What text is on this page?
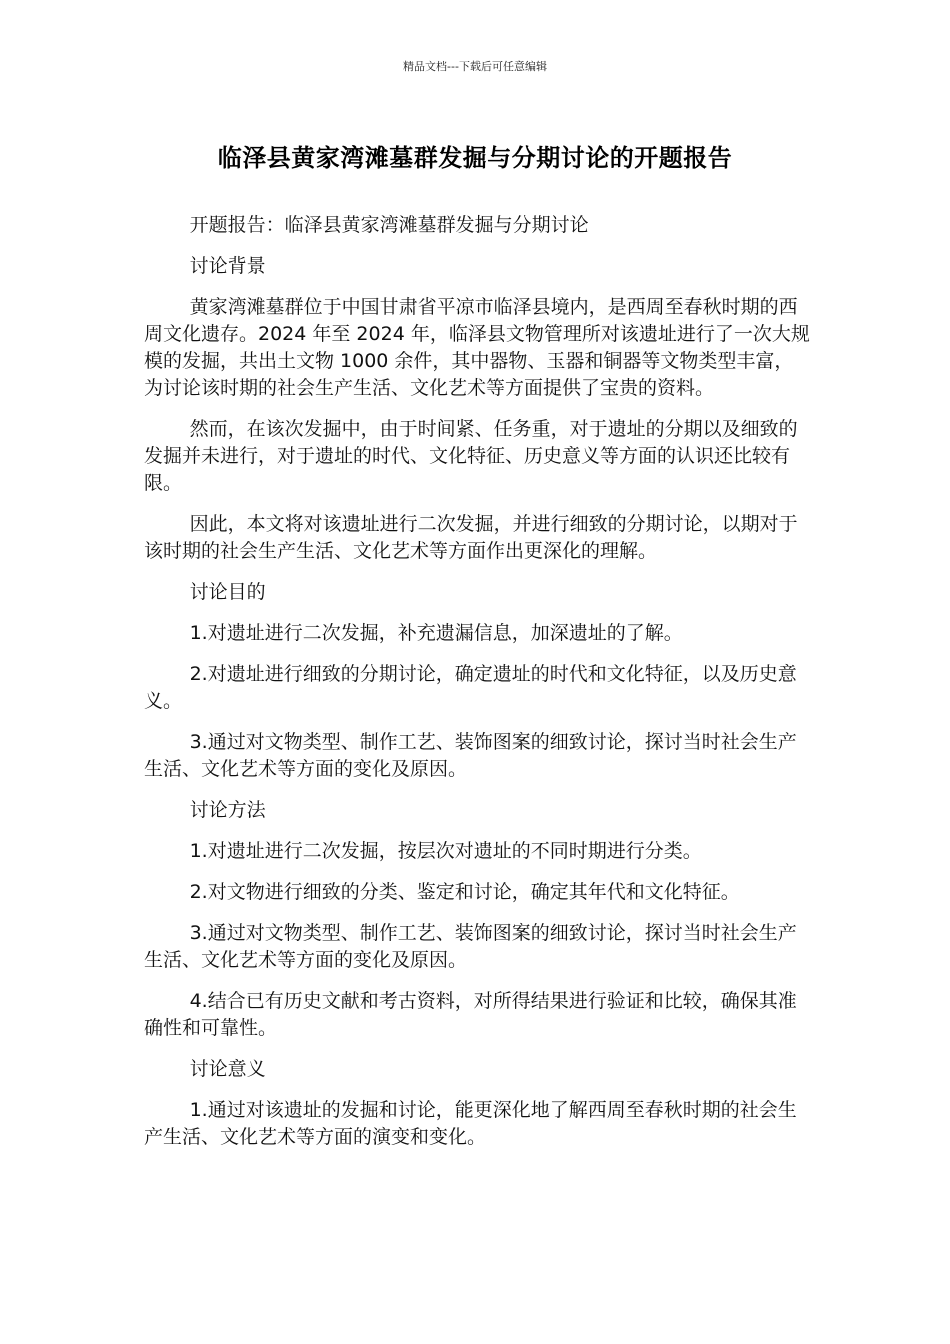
精品文档---下载后可任意编辑
临泽县黄家湾滩墓群发掘与分期讨论的开题报告

开题报告：临泽县黄家湾滩墓群发掘与分期讨论

讨论背景

黄家湾滩墓群位于中国甘肃省平凉市临泽县境内，是西周至春秋时期的西周文化遗存。2024 年至 2024 年，临泽县文物管理所对该遗址进行了一次大规模的发掘，共出土文物 1000 余件，其中器物、玉器和铜器等文物类型丰富，为讨论该时期的社会生产生活、文化艺术等方面提供了宝贵的资料。

然而，在该次发掘中，由于时间紧、任务重，对于遗址的分期以及细致的发掘并未进行，对于遗址的时代、文化特征、历史意义等方面的认识还比较有限。

因此，本文将对该遗址进行二次发掘，并进行细致的分期讨论，以期对于该时期的社会生产生活、文化艺术等方面作出更深化的理解。

讨论目的

1.对遗址进行二次发掘，补充遗漏信息，加深遗址的了解。

2.对遗址进行细致的分期讨论，确定遗址的时代和文化特征，以及历史意义。

3.通过对文物类型、制作工艺、装饰图案的细致讨论，探讨当时社会生产生活、文化艺术等方面的变化及原因。

讨论方法

1.对遗址进行二次发掘，按层次对遗址的不同时期进行分类。

2.对文物进行细致的分类、鉴定和讨论，确定其年代和文化特征。

3.通过对文物类型、制作工艺、装饰图案的细致讨论，探讨当时社会生产生活、文化艺术等方面的变化及原因。

4.结合已有历史文献和考古资料，对所得结果进行验证和比较，确保其准确性和可靠性。

讨论意义

1.通过对该遗址的发掘和讨论，能更深化地了解西周至春秋时期的社会生产生活、文化艺术等方面的演变和变化。
